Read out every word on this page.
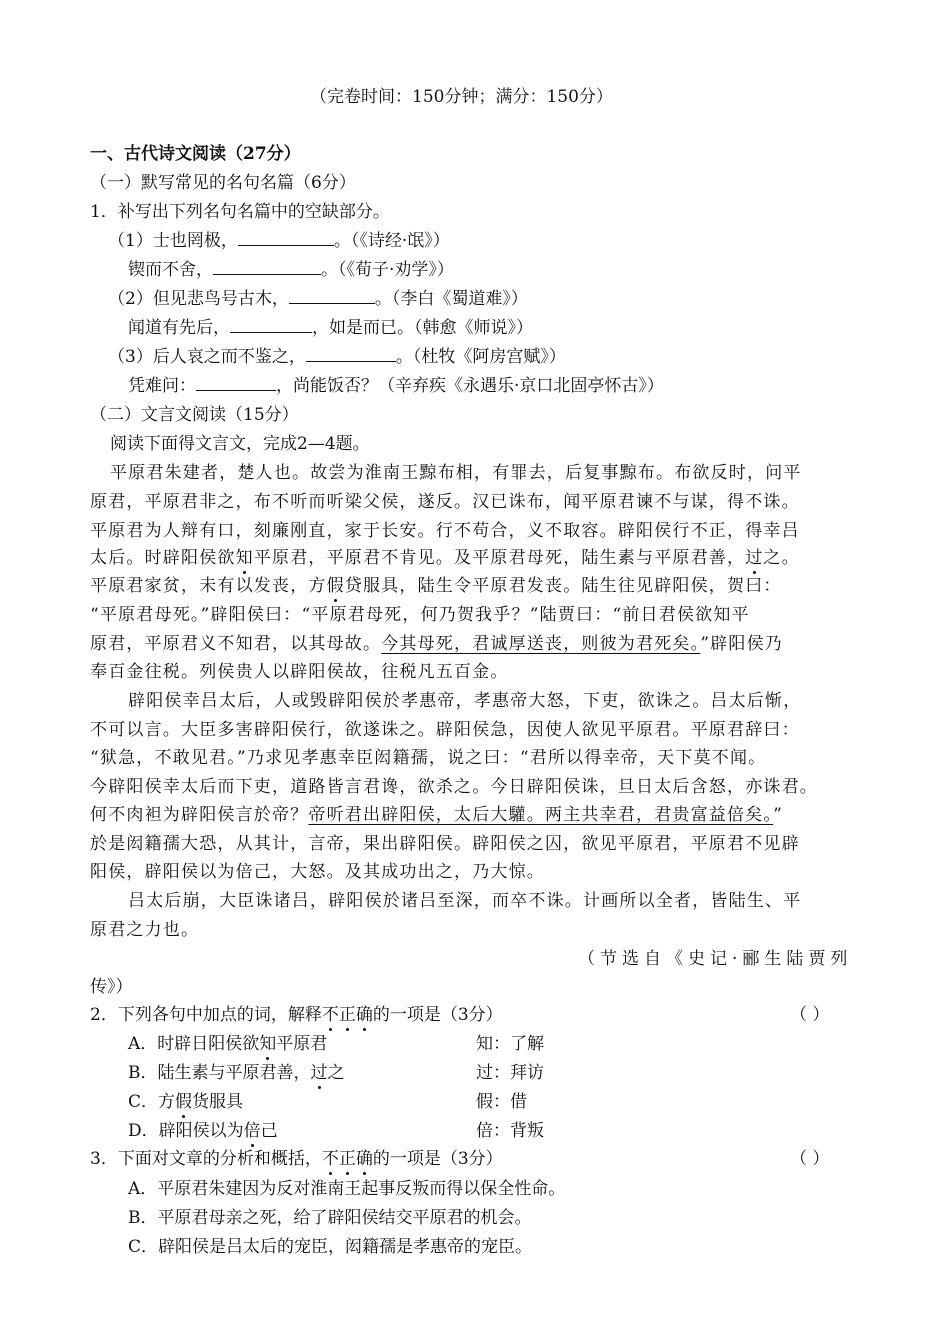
（完卷时间：150分钟；满分：150分）
一、古代诗文阅读（27分）
（一）默写常见的名句名篇（6分）
1．补写出下列名句名篇中的空缺部分。
（1）士也罔极，	。（《诗经·氓》）
锲而不舍，	。（《荀子·劝学》）
（2）但见悲鸟号古木，	。（李白《蜀道难》）
闻道有先后，	，如是而已。（韩愈《师说》）
（3）后人哀之而不鉴之，	。（杜牧《阿房宫赋》）
凭难问：	，尚能饭否？（辛弃疾《永遇乐·京口北固亭怀古》）
（二）文言文阅读（15分）
阅读下面得文言文，完成2—4题。
平原君朱建者，楚人也。故尝为淮南王黥布相，有罪去，后复事黥布。布欲反时，问平
原君，平原君非之，布不听而听梁父侯，遂反。汉已诛布，闻平原君谏不与谋，得不诛。
平原君为人辩有口，刻廉刚直，家于长安。行不苟合，义不取容。辟阳侯行不正，得幸吕
太后。时辟阳侯欲知平原君，平原君不肯见。及平原君母死，陆生素与平原君善，过之。
平原君家贫，未有以发丧，方假贷服具，陆生令平原君发丧。陆生往见辟阳侯，贺曰：
“平原君母死。”辟阳侯曰：“平原君母死，何乃贺我乎？”陆贾曰：“前日君侯欲知平
原君，平原君义不知君，以其母故。今其母死，君诚厚送丧，则彼为君死矣。”辟阳侯乃
奉百金往税。列侯贵人以辟阳侯故，往税凡五百金。
辟阳侯幸吕太后，人或毁辟阳侯於孝惠帝，孝惠帝大怒，下吏，欲诛之。吕太后惭，
不可以言。大臣多害辟阳侯行，欲遂诛之。辟阳侯急，因使人欲见平原君。平原君辞曰：
“狱急，不敢见君。”乃求见孝惠幸臣闳籍孺，说之曰：“君所以得幸帝，天下莫不闻。
今辟阳侯幸太后而下吏，道路皆言君谗，欲杀之。今日辟阳侯诛，旦日太后含怒，亦诛君。
何不肉袒为辟阳侯言於帝？帝听君出辟阳侯，太后大驩。两主共幸君，君贵富益倍矣。”
於是闳籍孺大恐，从其计，言帝，果出辟阳侯。辟阳侯之囚，欲见平原君，平原君不见辟
阳侯，辟阳侯以为倍己，大怒。及其成功出之，乃大惊。
吕太后崩，大臣诛诸吕，辟阳侯於诸吕至深，而卒不诛。计画所以全者，皆陆生、平
原君之力也。
（节选自《史记·郦生陆贾列
传》）
2．下列各句中加点的词，解释不正确的一项是（3分）	（ ）
A．时辟日阳侯欲知平原君	知：了解
B．陆生素与平原君善，过之	过：拜访
C．方假货服具	假：借
D．辟阳侯以为倍己	倍：背叛
3．下面对文章的分析和概括，不正确的一项是（3分）	（ ）
A．平原君朱建因为反对淮南王起事反叛而得以保全性命。
B．平原君母亲之死，给了辟阳侯结交平原君的机会。
C．辟阳侯是吕太后的宠臣，闳籍孺是孝惠帝的宠臣。
